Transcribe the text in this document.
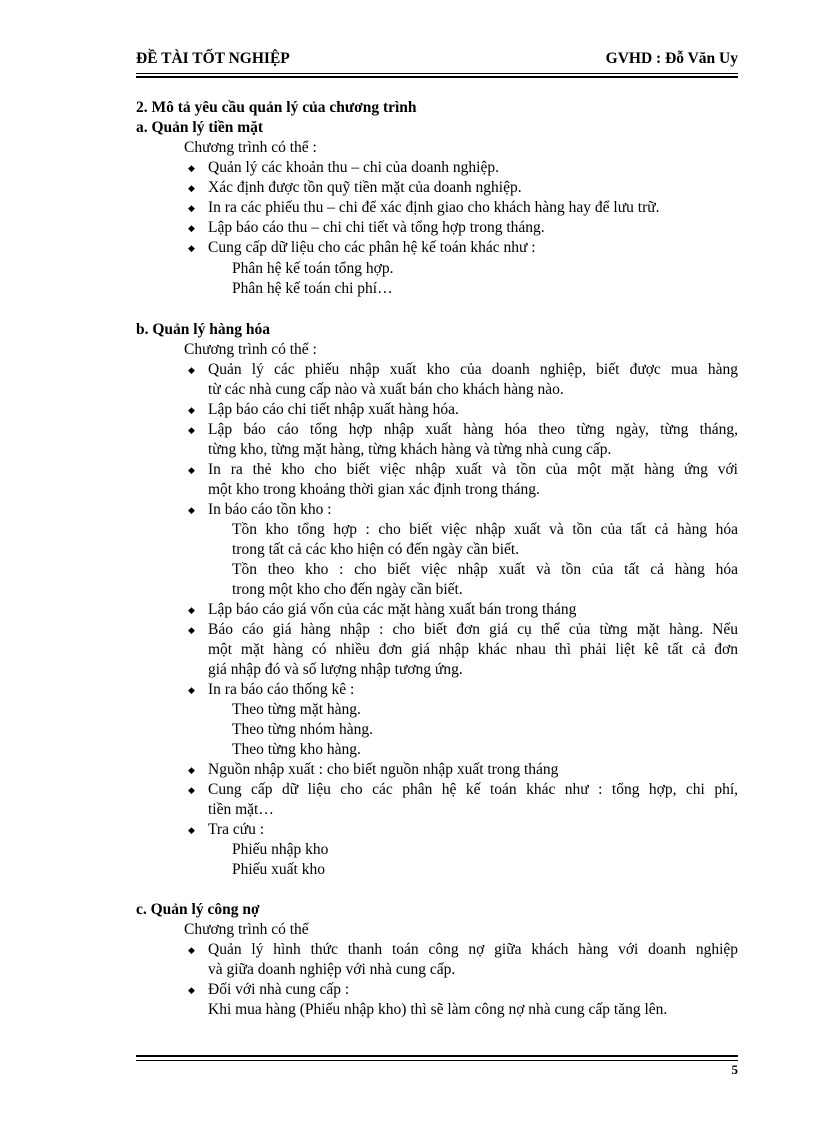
ĐỀ TÀI TỐT NGHIỆP	GVHD : Đỗ Văn Uy
2. Mô tả yêu cầu quản lý của chương trình
a. Quản lý tiền mặt
Chương trình có thể :
◆ Quản lý các khoản thu – chi của doanh nghiệp.
◆ Xác định được tồn quỹ tiền mặt của doanh nghiệp.
◆ In ra các phiếu thu – chi để xác định giao cho khách hàng hay để lưu trữ.
◆ Lập báo cáo thu – chi chi tiết và tổng hợp trong tháng.
◆ Cung cấp dữ liệu cho các phân hệ kế toán khác như :
Phân hệ kế toán tổng hợp.
Phân hệ kế toán chi phí…
b. Quản lý hàng hóa
Chương trình có thể :
◆ Quản lý các phiếu nhập xuất kho của doanh nghiệp, biết được mua hàng
từ các nhà cung cấp nào và xuất bán cho khách hàng nào.
◆ Lập báo cáo chi tiết nhập xuất hàng hóa.
◆ Lập báo cáo tổng hợp nhập xuất hàng hóa theo từng ngày, từng tháng,
từng kho, từng mặt hàng, từng khách hàng và từng nhà cung cấp.
◆ In ra thẻ kho cho biết việc nhập xuất và tồn của một mặt hàng ứng với
một kho trong khoảng thời gian xác định trong tháng.
◆ In báo cáo tồn kho :
Tồn kho tổng hợp : cho biết việc nhập xuất và tồn của tất cả hàng hóa
trong tất cả các kho hiện có đến ngày cần biết.
Tồn theo kho : cho biết việc nhập xuất và tồn của tất cả hàng hóa
trong một kho cho đến ngày cần biết.
◆ Lập báo cáo giá vốn của các mặt hàng xuất bán trong tháng
◆ Báo cáo giá hàng nhập : cho biết đơn giá cụ thể của từng mặt hàng. Nếu
một mặt hàng có nhiều đơn giá nhập khác nhau thì phải liệt kê tất cả đơn
giá nhập đó và số lượng nhập tương ứng.
◆ In ra báo cáo thống kê :
Theo từng mặt hàng.
Theo từng nhóm hàng.
Theo từng kho hàng.
◆ Nguồn nhập xuất : cho biết nguồn nhập xuất trong tháng
◆ Cung cấp dữ liệu cho các phân hệ kế toán khác như : tổng hợp, chi phí,
tiền mặt…
◆ Tra cứu :
Phiếu nhập kho
Phiếu xuất kho
c. Quản lý công nợ
Chương trình có thể
◆ Quản lý hình thức thanh toán công nợ giữa khách hàng với doanh nghiệp
và giữa doanh nghiệp với nhà cung cấp.
◆ Đối với nhà cung cấp :
Khi mua hàng (Phiếu nhập kho) thì sẽ làm công nợ nhà cung cấp tăng lên.
5
